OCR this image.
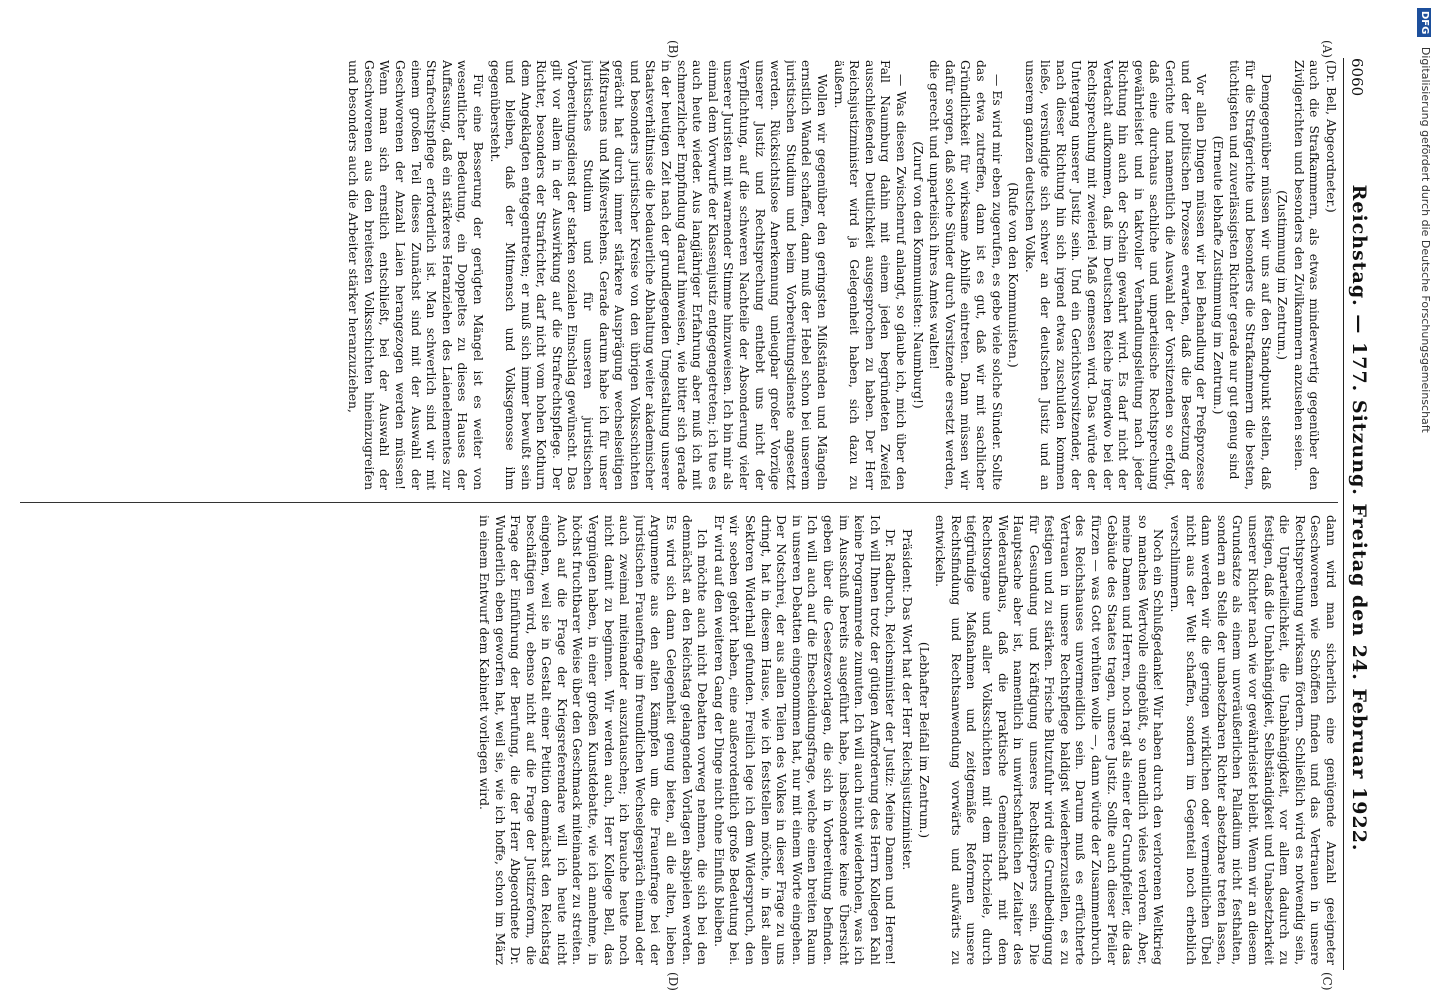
6060
Reichstag. — 177. Sitzung. Freitag den 24. Februar 1922.
(A)
(B)
(C)
(D)

(Dr. Bell, Abgeordneter.)

auch die Strafkammern, als etwas minderwertig gegenüber den Zivilgerichten und besonders den Zivilkammern anzusehen seien.

(Zustimmung im Zentrum.)

Demgegenüber müssen wir uns auf den Standpunkt stellen, daß für die Strafgerichte und besonders die Strafkammern die besten, tüchtigsten und zuverlässigsten Richter gerade nur gut genug sind

(Erneute lebhafte Zustimmung im Zentrum.)

Vor allen Dingen müssen wir bei Behandlung der Preßprozesse und der politischen Prozesse erwarten, daß die Besetzung der Gerichte und namentlich die Auswahl der Vorsitzenden so erfolgt, daß eine durchaus sachliche und unparteiische Rechtsprechung gewährleistet und in taktvoller Verhandlungsleitung nach jeder Richtung hin auch der Schein gewahrt wird. Es darf nicht der Verdacht aufkommen, daß im Deutschen Reiche irgendwo bei der Rechtsprechung mit zweierlei Maß gemessen wird. Das würde der Untergang unserer Justiz sein. Und ein Gerichtsvorsitzender, der nach dieser Richtung hin sich irgend etwas zuschulden kommen ließe, versündigte sich schwer an der deutschen Justiz und an unserem ganzen deutschen Volke.

(Rufe von den Kommunisten.)

— Es wird mir eben zugerufen, es gebe viele solche Sünder. Sollte das etwa zutreffen, dann ist es gut, daß wir mit sachlicher Gründlichkeit für wirksame Abhilfe eintreten. Dann müssen wir dafür sorgen, daß solche Sünder durch Vorsitzende ersetzt werden, die gerecht und unparteiisch ihres Amtes walten!

(Zuruf von den Kommunisten: Naumburg!)

— Was diesen Zwischenruf anlangt, so glaube ich, mich über den Fall Naumburg dahin mit einem jeden begründeten Zweifel ausschließenden Deutlichkeit ausgesprochen zu haben. Der Herr Reichsjustizminister wird ja Gelegenheit haben, sich dazu zu äußern.

Wollen wir gegenüber den geringsten Mißständen und Mängeln ernstlich Wandel schaffen, dann muß der Hebel schon bei unserem juristischen Studium und beim Vorbereitungsdienste angesetzt werden. Rücksichtslose Anerkennung unleugbar großer Vorzüge unserer Justiz und Rechtsprechung enthebt uns nicht der Verpflichtung, auf die schweren Nachteile der Absonderung vieler unserer Juristen mit warnender Stimme hinzuweisen. Ich bin mir als einmal dem Vorwurfe der Klassenjustiz entgegengetreten; ich tue es auch heute wieder. Aus langjähriger Erfahrung aber muß ich mit schmerzlicher Empfindung darauf hinweisen, wie bitter sich gerade in der heutigen Zeit nach der grundlegenden Umgestaltung unserer Staatsverhältnisse die bedauerliche Abhaltung weiter akademischer und besonders juristischer Kreise von den übrigen Volksschichten gerächt hat durch immer stärkere Ausprägung wechselseitigen Mißtrauens und Mißverstehens. Gerade darum habe ich für unser juristisches Studium und für unseren juristischen Vorbereitungsdienst der starken sozialen Einschlag gewünscht. Das gilt vor allem in der Auswirkung auf die Strafrechtspflege. Der Richter, besonders der Strafrichter, darf nicht vom hohen Kothurn dem Angeklagten entgegentreten; er muß sich immer bewußt sein und bleiben, daß der Mitmensch und Volksgenosse ihm gegenübersteht.

Für eine Besserung der gerügten Mängel ist es weiter von wesentlicher Bedeutung, ein Doppeltes zu dieses Hauses der Auffassung, daß ein stärkeres Heranziehen des Laienelementes zur Strafrechtspflege erforderlich ist. Man schwerlich sind wir mit einem großen Teil dieses Zunächst sind mit der Auswahl der Geschworenen der Anzahl Laien herangezogen werden müssen! Wenn man sich ernstlich entschließt, bei der Auswahl der Geschworenen aus den breitesten Volksschichten hineinzugreifen und besonders auch die Arbeiter stärker heranzuziehen,

dann wird man sicherlich eine genügende Anzahl geeigneter Geschworenen wie Schöffen finden und das Vertrauen in unsere Rechtsprechung wirksam fördern. Schließlich wird es notwendig sein, die Unparteilichkeit, die Unabhängigkeit, vor allem dadurch zu festigen, daß die Unabhängigkeit, Selbständigkeit und Unabsetzbarkeit unserer Richter nach wie vor gewährleistet bleibt. Wenn wir an diesem Grundsatze als einem unveräußerlichen Palladium nicht festhalten, sondern an Stelle der unabsetzbaren Richter absetzbare treten lassen, dann werden wir die geringen wirklichen oder vermeintlichen Übel nicht aus der Welt schaffen, sondern im Gegenteil noch erheblich verschlimmern.

Noch ein Schlußgedanke! Wir haben durch den verlorenen Weltkrieg so manches Wertvolle eingebüßt, so unendlich vieles verloren. Aber, meine Damen und Herren, noch ragt als einer der Grundpfeiler, die das Gebäude des Staates tragen, unsere Justiz. Sollte auch dieser Pfeiler fürzen — was Gott verhüten wolle —, dann würde der Zusammenbruch des Reichshauses unvermeidlich sein. Darum muß es erfüchterte Vertrauen in unsere Rechtspflege baldigst wiederherzustellen, es zu festigen und zu stärken. Frische Blutzufuhr wird die Grundbedingung für Gesundung und Kräftigung unseres Rechtskörpers sein. Die Hauptsache aber ist, namentlich in unwirtschaftlichen Zeitalter des Wiederaufbaus, daß die praktische Gemeinschaft mit dem Rechtsorgane und aller Volksschichten mit dem Hochziele, durch tiefgründige Maßnahmen und zeitgemäße Reformen unsere Rechtsfindung und Rechtsanwendung vorwärts und aufwärts zu entwickeln.

(Lebhafter Beifall im Zentrum.)

Präsident: Das Wort hat der Herr Reichsjustizminister.

Dr. Radbruch, Reichsminister der Justiz: Meine Damen und Herren! Ich will Ihnen trotz der gütigen Aufforderung des Herrn Kollegen Kahl keine Programmrede zumuten. Ich will auch nicht wiederholen, was ich im Ausschuß bereits ausgeführt habe, insbesondere keine Übersicht geben über die Gesetzesvorlagen, die sich in Vorbereitung befinden. Ich will auch auf die Ehescheidungsfrage, welche einen breiten Raum in unseren Debatten eingenommen hat, nur mit einem Worte eingehen. Der Notschrei, der aus allen Teilen des Volkes in dieser Frage zu uns dringt, hat in diesem Hause, wie ich feststellen möchte, in fast allen Sektoren Widerhall gefunden. Freilich lege ich dem Widerspruch, den wir soeben gehört haben, eine außerordentlich große Bedeutung bei. Er wird auf den weiteren Gang der Dinge nicht ohne Einfluß bleiben.

Ich möchte auch nicht Debatten vorweg nehmen, die sich bei den demnächst an den Reichstag gelangenden Vorlagen abspielen werden. Es wird sich dann Gelegenheit genug bieten, all die alten, lieben Argumente aus den alten Kämpfen um die Frauenfrage bei der juristischen Frauenfrage im freundlichen Wechselgespräch einmal oder auch zweimal miteinander auszutauschen; ich brauche heute noch nicht damit zu beginnen. Wir werden auch, Herr Kollege Bell, das Vergnügen haben, in einer großen Kunstdebatte, wie ich annehme, in höchst fruchtbarer Weise über den Geschmack miteinander zu streiten. Auch auf die Frage der Kriegsreferendare will ich heute nicht eingehen, weil sie in Gestalt einer Petition demnächst den Reichstag beschäftigen wird, ebenso nicht auf die Frage der Justizreform, die Frage der Einführung der Berufung, die der Herr Abgeordnete Dr. Wunderlich eben geworfen hat, weil sie, wie ich hoffe, schon im März in einem Entwurf dem Kabinett vorliegen wird.

DFG Digitalisierung gefördert durch die Deutsche Forschungsgemeinschaft
